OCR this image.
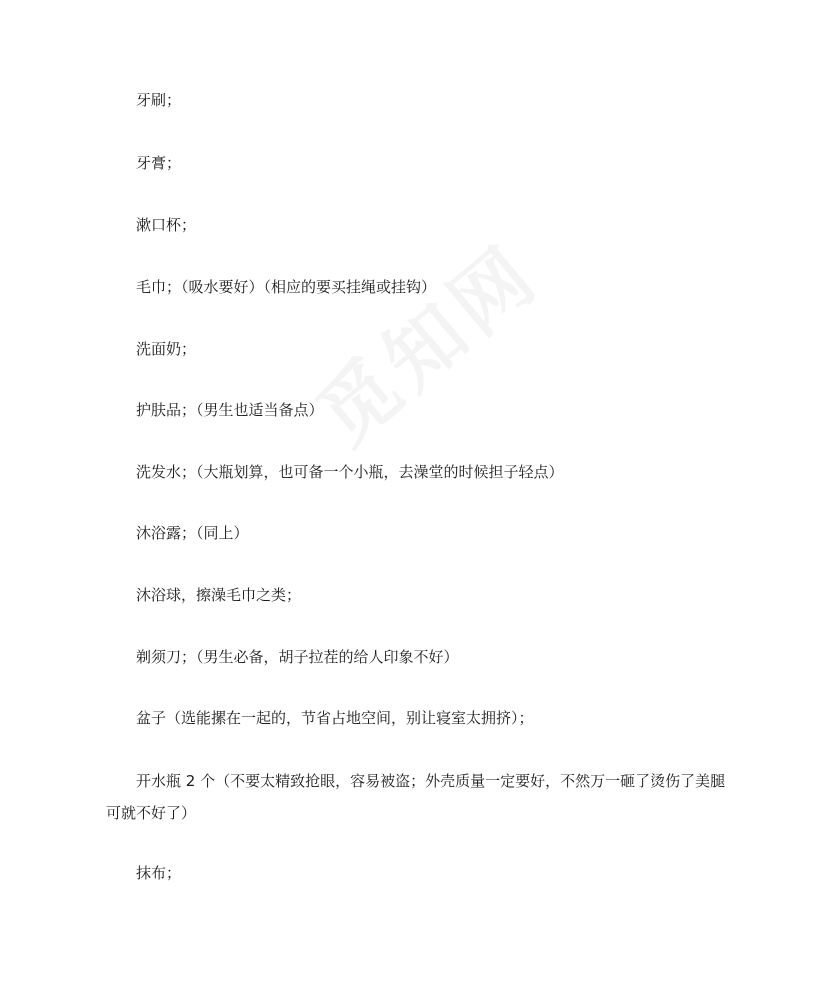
牙刷；
牙膏；
漱口杯；
毛巾；（吸水要好）（相应的要买挂绳或挂钩）
洗面奶；
护肤品；（男生也适当备点）
洗发水；（大瓶划算，也可备一个小瓶，去澡堂的时候担子轻点）
沐浴露；（同上）
沐浴球，擦澡毛巾之类；
剃须刀；（男生必备，胡子拉茬的给人印象不好）
盆子（选能摞在一起的，节省占地空间，别让寝室太拥挤）；
开水瓶 2 个（不要太精致抢眼，容易被盗；外壳质量一定要好，不然万一砸了烫伤了美腿可就不好了）
抹布；
